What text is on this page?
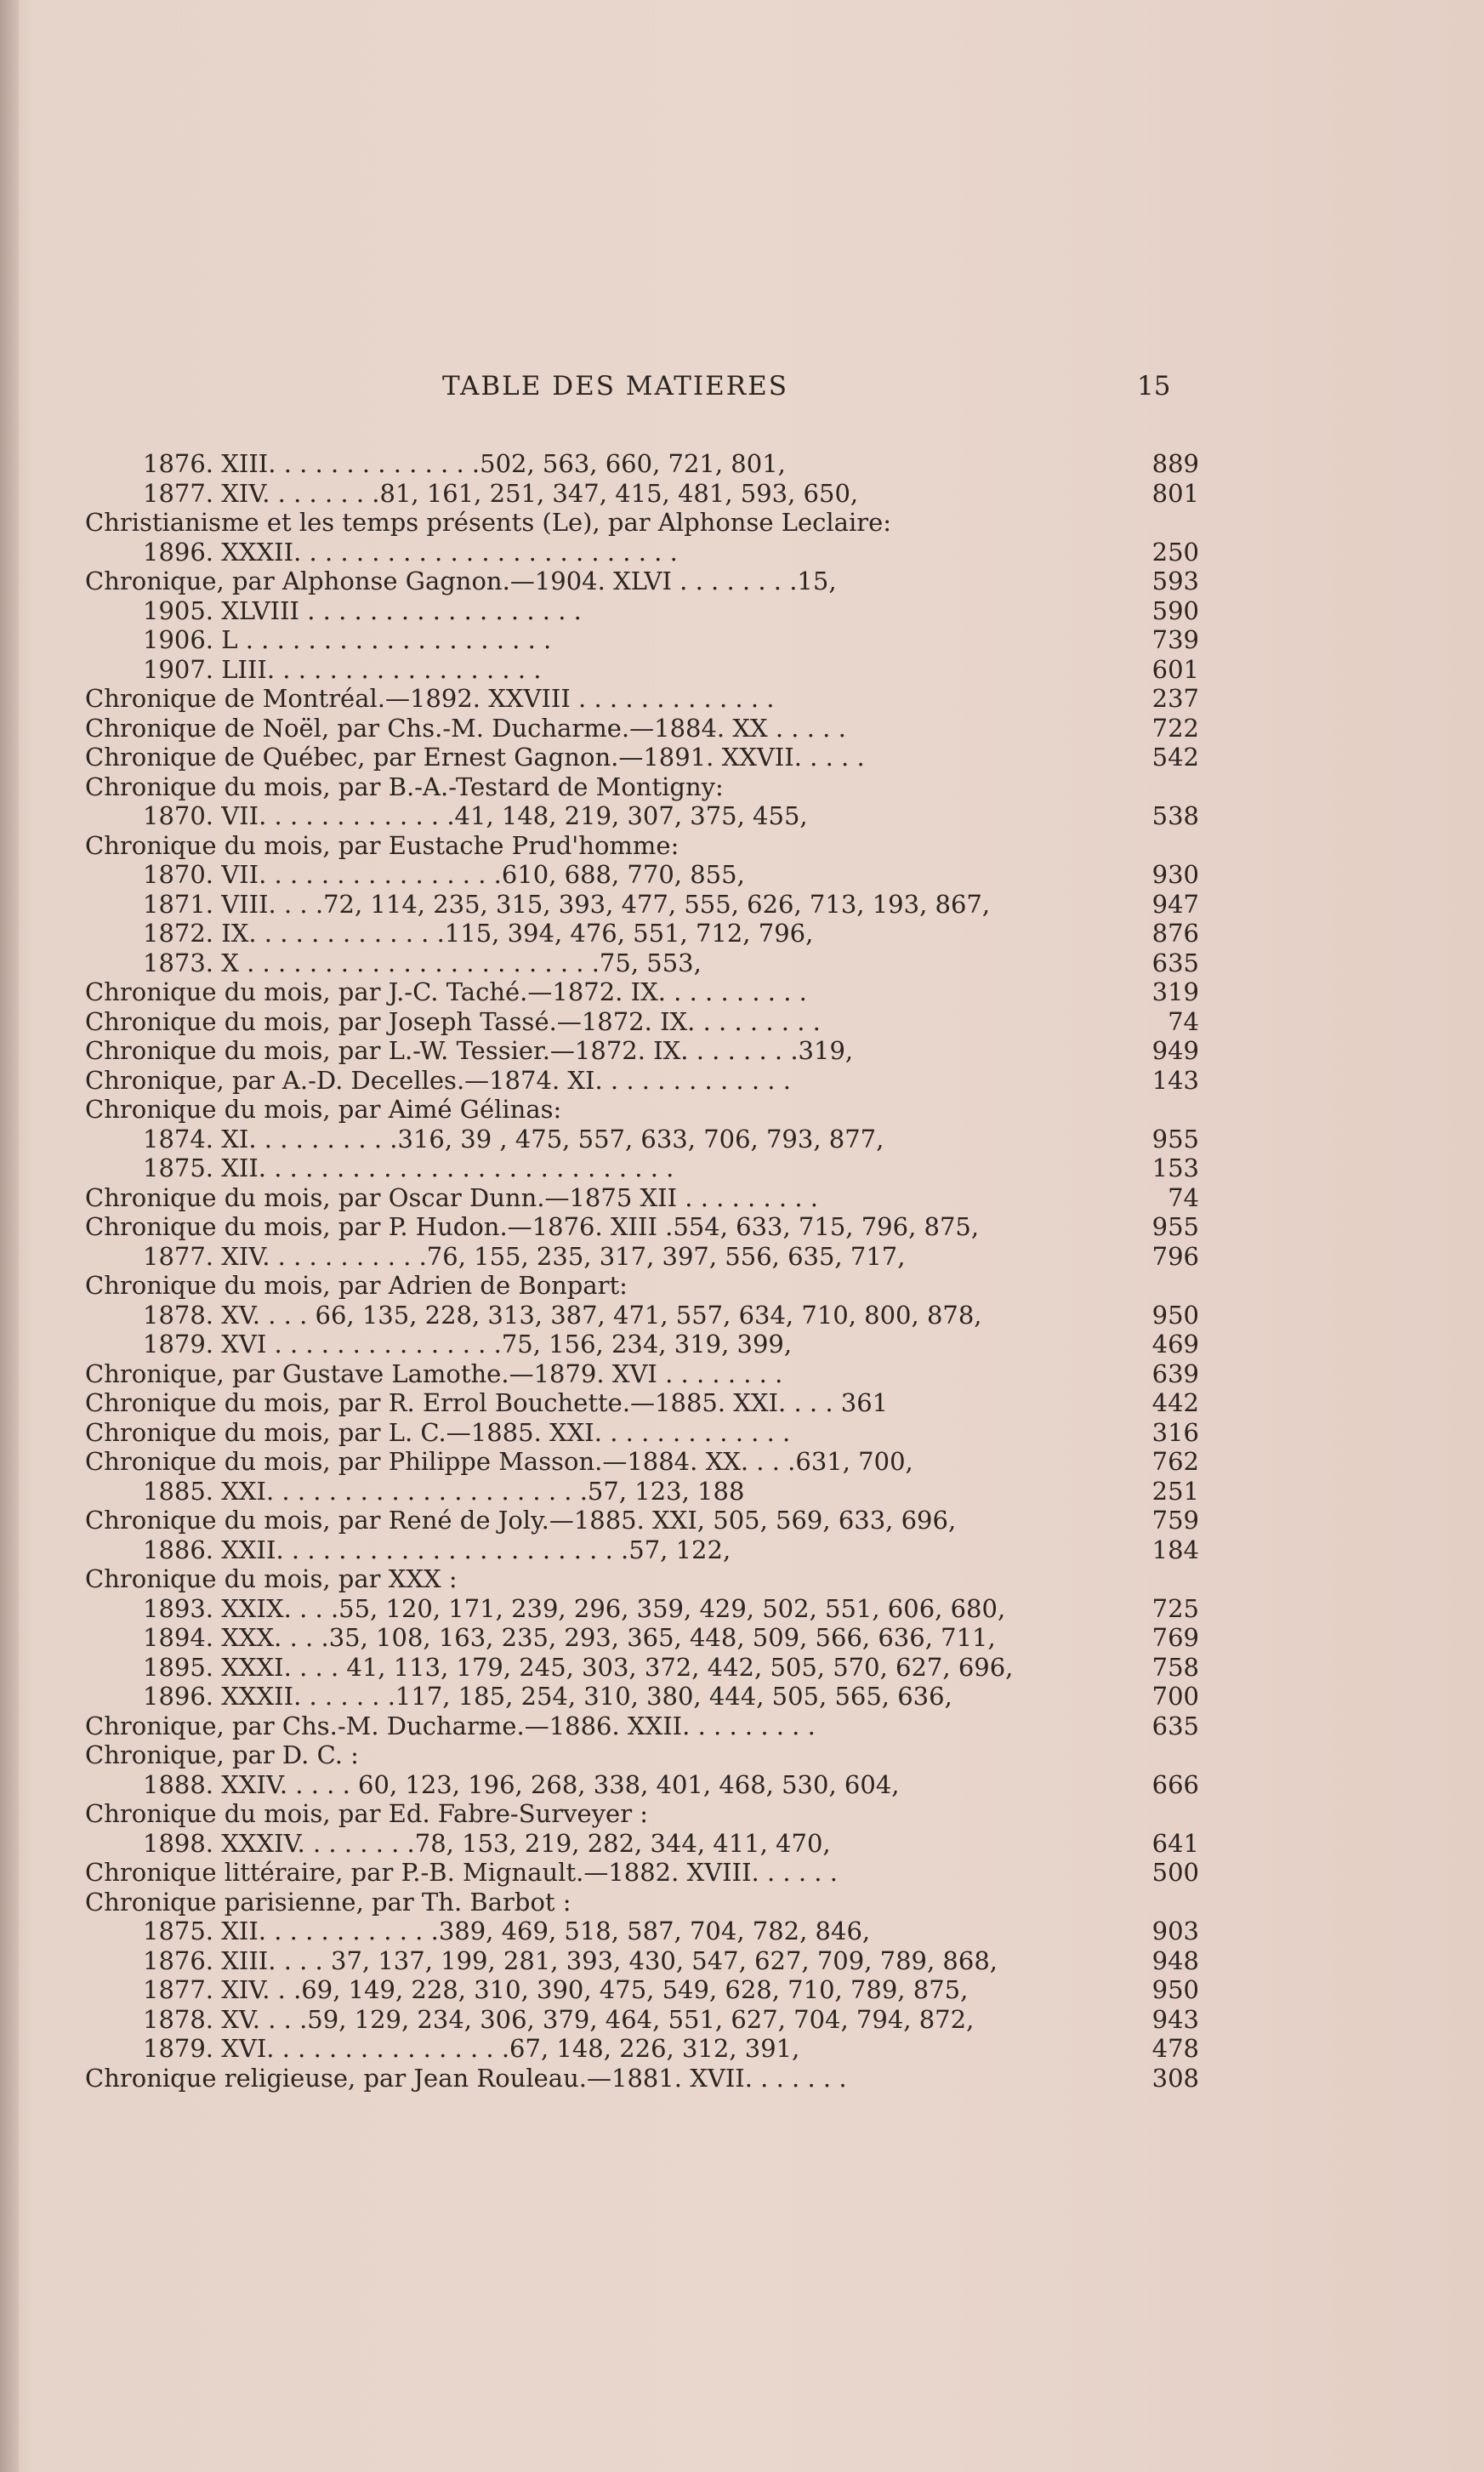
TABLE DES MATIERES	15
1876. XIII. . . . . . . . . . . . . .502, 563, 660, 721, 801,	889
1877. XIV. . . . . . . .81, 161, 251, 347, 415, 481, 593, 650,	801
Christianisme et les temps présents (Le), par Alphonse Leclaire:
1896. XXXII. . . . . . . . . . . . . . . . . . . . . . . . .	250
Chronique, par Alphonse Gagnon.—1904. XLVI . . . . . . . .15,	593
1905. XLVIII . . . . . . . . . . . . . . . . . .	590
1906. L . . . . . . . . . . . . . . . . . . . .	739
1907. LIII. . . . . . . . . . . . . . . . . .	601
Chronique de Montréal.—1892. XXVIII . . . . . . . . . . . . .	237
Chronique de Noël, par Chs.-M. Ducharme.—1884. XX . . . . .	722
Chronique de Québec, par Ernest Gagnon.—1891. XXVII. . . . .	542
Chronique du mois, par B.-A.-Testard de Montigny:
1870. VII. . . . . . . . . . . . .41, 148, 219, 307, 375, 455,	538
Chronique du mois, par Eustache Prud'homme:
1870. VII. . . . . . . . . . . . . . . .610, 688, 770, 855,	930
1871. VIII. . . .72, 114, 235, 315, 393, 477, 555, 626, 713, 193, 867,	947
1872. IX. . . . . . . . . . . . .115, 394, 476, 551, 712, 796,	876
1873. X . . . . . . . . . . . . . . . . . . . . . . .75, 553,	635
Chronique du mois, par J.-C. Taché.—1872. IX. . . . . . . . . .	319
Chronique du mois, par Joseph Tassé.—1872. IX. . . . . . . . .	74
Chronique du mois, par L.-W. Tessier.—1872. IX. . . . . . . .319,	949
Chronique, par A.-D. Decelles.—1874. XI. . . . . . . . . . . . .	143
Chronique du mois, par Aimé Gélinas:
1874. XI. . . . . . . . . .316, 39 , 475, 557, 633, 706, 793, 877,	955
1875. XII. . . . . . . . . . . . . . . . . . . . . . . . . . .	153
Chronique du mois, par Oscar Dunn.—1875 XII . . . . . . . . .	74
Chronique du mois, par P. Hudon.—1876. XIII .554, 633, 715, 796, 875,	955
1877. XIV. . . . . . . . . . .76, 155, 235, 317, 397, 556, 635, 717,	796
Chronique du mois, par Adrien de Bonpart:
1878. XV. . . . 66, 135, 228, 313, 387, 471, 557, 634, 710, 800, 878,	950
1879. XVI . . . . . . . . . . . . . . .75, 156, 234, 319, 399,	469
Chronique, par Gustave Lamothe.—1879. XVI . . . . . . . .	639
Chronique du mois, par R. Errol Bouchette.—1885. XXI. . . . 361	442
Chronique du mois, par L. C.—1885. XXI. . . . . . . . . . . . .	316
Chronique du mois, par Philippe Masson.—1884. XX. . . .631, 700,	762
1885. XXI. . . . . . . . . . . . . . . . . . . . .57, 123, 188	251
Chronique du mois, par René de Joly.—1885. XXI, 505, 569, 633, 696,	759
1886. XXII. . . . . . . . . . . . . . . . . . . . . . .57, 122,	184
Chronique du mois, par XXX :
1893. XXIX. . . .55, 120, 171, 239, 296, 359, 429, 502, 551, 606, 680,	725
1894. XXX. . . .35, 108, 163, 235, 293, 365, 448, 509, 566, 636, 711,	769
1895. XXXI. . . . 41, 113, 179, 245, 303, 372, 442, 505, 570, 627, 696,	758
1896. XXXII. . . . . . .117, 185, 254, 310, 380, 444, 505, 565, 636,	700
Chronique, par Chs.-M. Ducharme.—1886. XXII. . . . . . . . .	635
Chronique, par D. C. :
1888. XXIV. . . . . 60, 123, 196, 268, 338, 401, 468, 530, 604,	666
Chronique du mois, par Ed. Fabre-Surveyer :
1898. XXXIV. . . . . . . .78, 153, 219, 282, 344, 411, 470,	641
Chronique littéraire, par P.-B. Mignault.—1882. XVIII. . . . . .	500
Chronique parisienne, par Th. Barbot :
1875. XII. . . . . . . . . . . .389, 469, 518, 587, 704, 782, 846,	903
1876. XIII. . . . 37, 137, 199, 281, 393, 430, 547, 627, 709, 789, 868,	948
1877. XIV. . .69, 149, 228, 310, 390, 475, 549, 628, 710, 789, 875,	950
1878. XV. . . .59, 129, 234, 306, 379, 464, 551, 627, 704, 794, 872,	943
1879. XVI. . . . . . . . . . . . . . . .67, 148, 226, 312, 391,	478
Chronique religieuse, par Jean Rouleau.—1881. XVII. . . . . . .	308
